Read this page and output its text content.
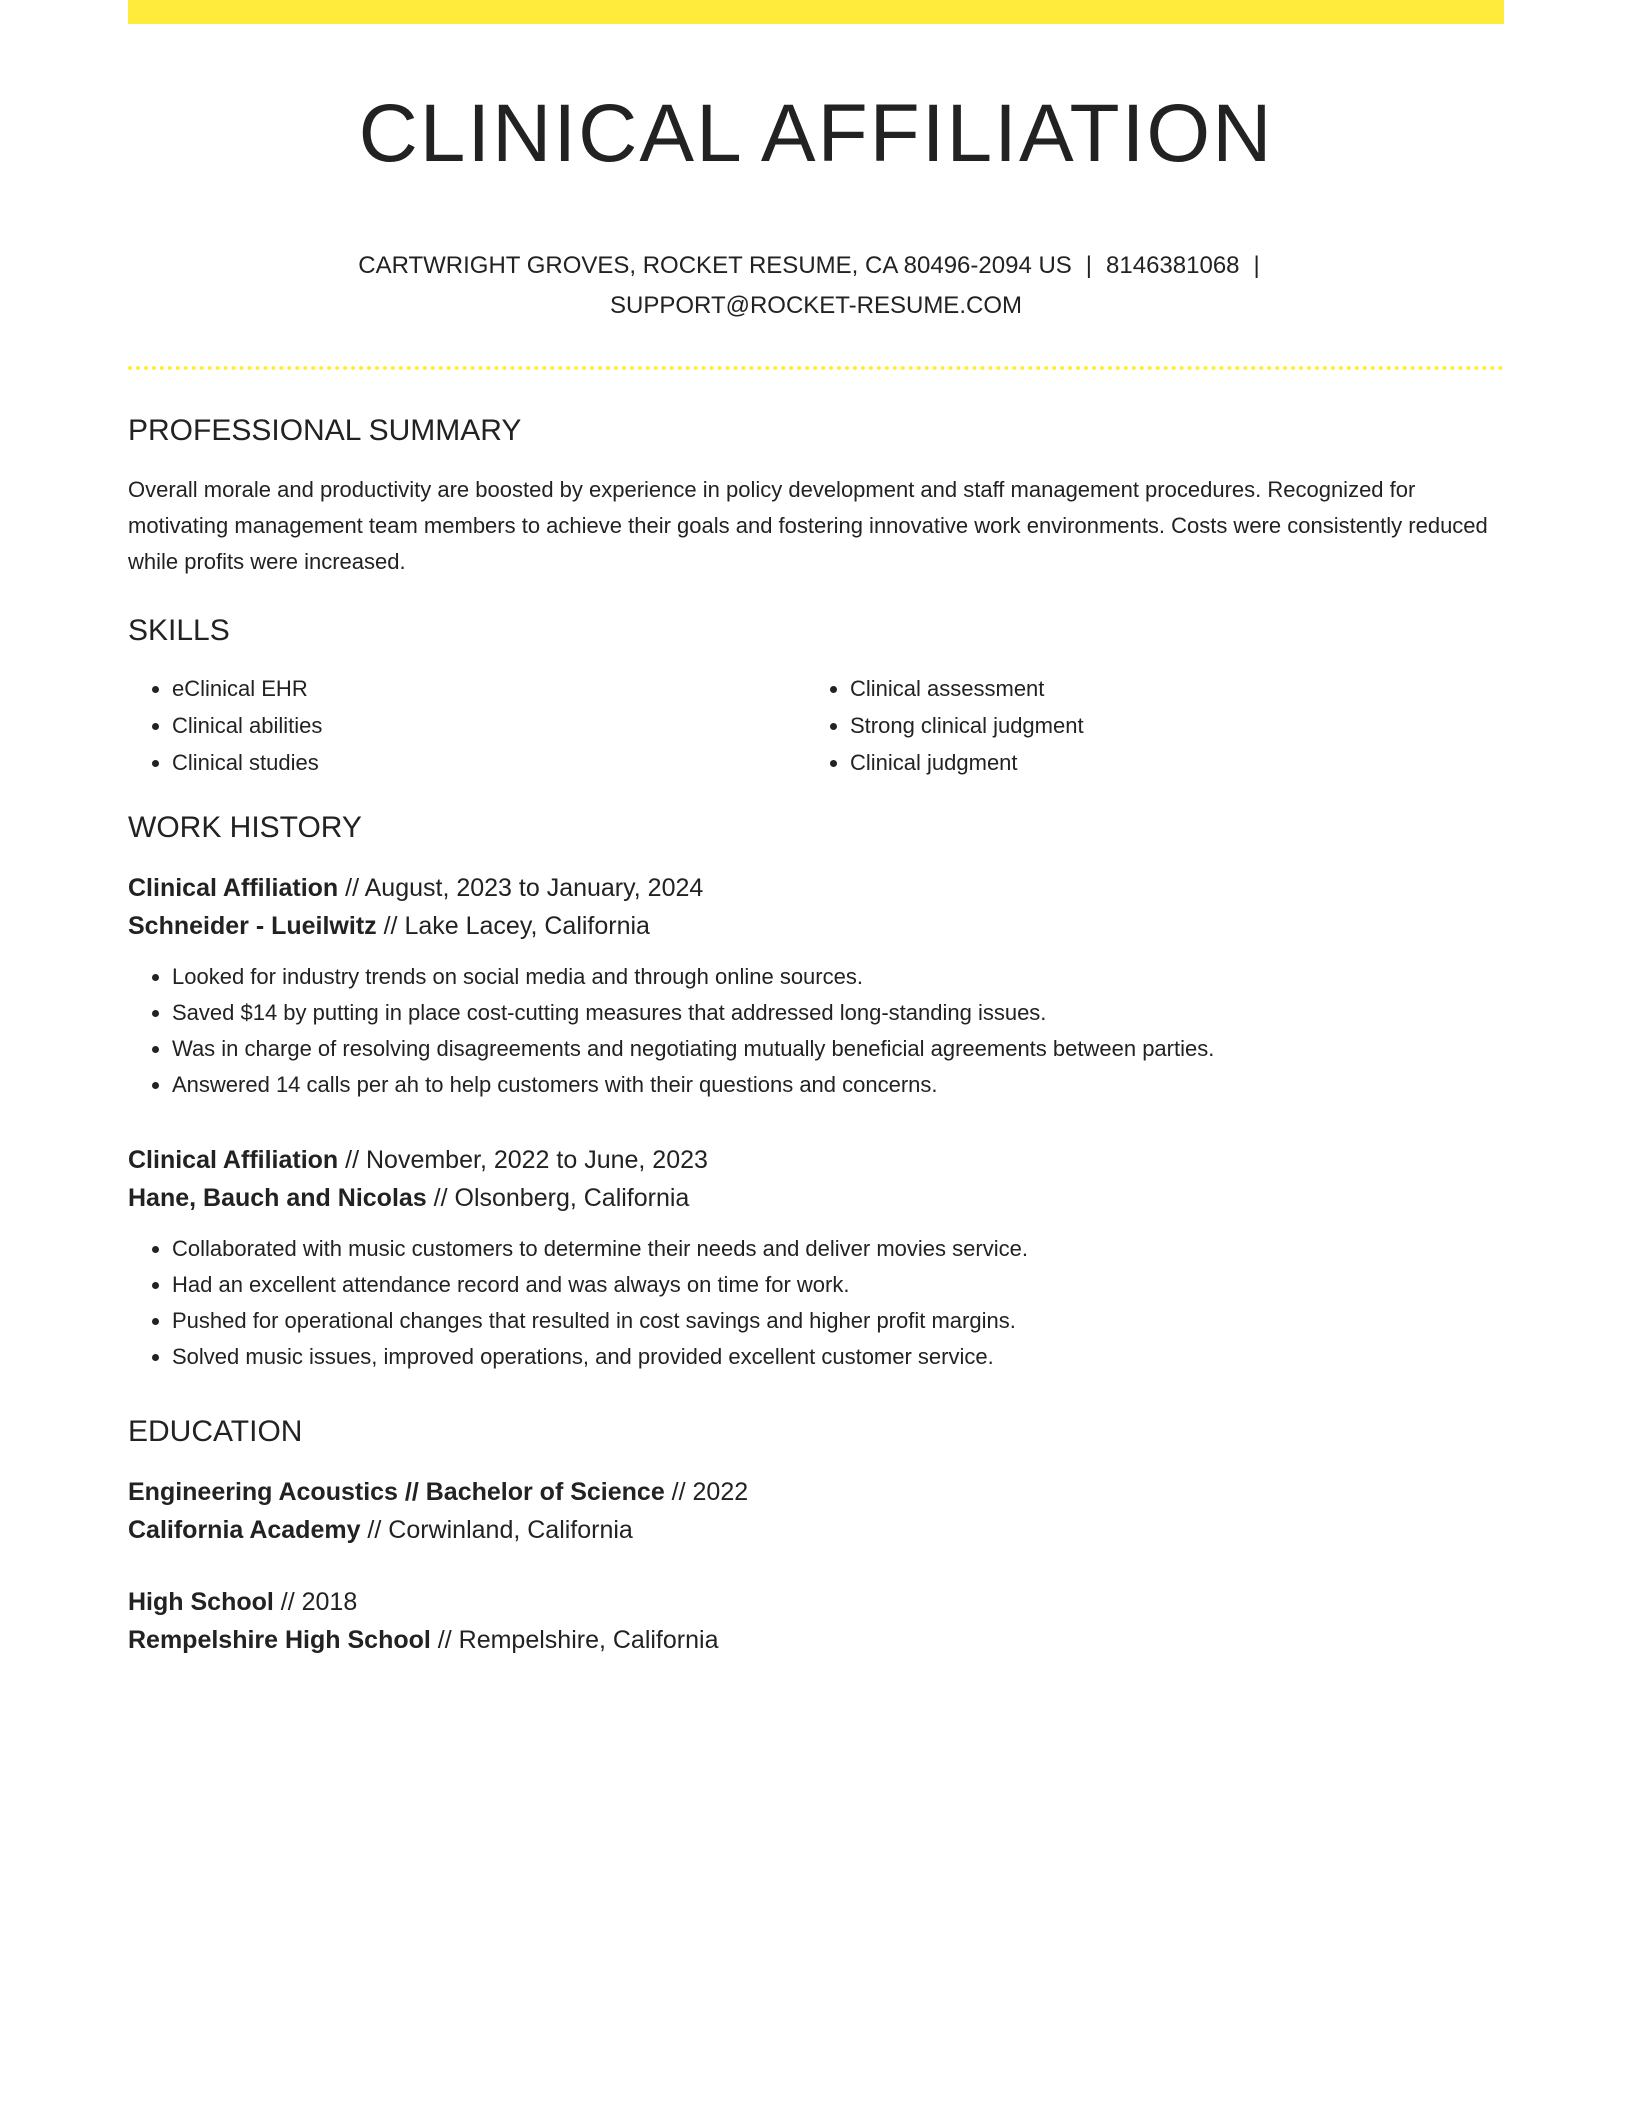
CLINICAL AFFILIATION
CARTWRIGHT GROVES, ROCKET RESUME, CA 80496-2094 US | 8146381068 |
SUPPORT@ROCKET-RESUME.COM
PROFESSIONAL SUMMARY
Overall morale and productivity are boosted by experience in policy development and staff management procedures. Recognized for motivating management team members to achieve their goals and fostering innovative work environments. Costs were consistently reduced while profits were increased.
SKILLS
• eClinical EHR
• Clinical abilities
• Clinical studies
• Clinical assessment
• Strong clinical judgment
• Clinical judgment
WORK HISTORY
Clinical Affiliation // August, 2023 to January, 2024
Schneider - Lueilwitz // Lake Lacey, California
• Looked for industry trends on social media and through online sources.
• Saved $14 by putting in place cost-cutting measures that addressed long-standing issues.
• Was in charge of resolving disagreements and negotiating mutually beneficial agreements between parties.
• Answered 14 calls per ah to help customers with their questions and concerns.
Clinical Affiliation // November, 2022 to June, 2023
Hane, Bauch and Nicolas // Olsonberg, California
• Collaborated with music customers to determine their needs and deliver movies service.
• Had an excellent attendance record and was always on time for work.
• Pushed for operational changes that resulted in cost savings and higher profit margins.
• Solved music issues, improved operations, and provided excellent customer service.
EDUCATION
Engineering Acoustics // Bachelor of Science // 2022
California Academy // Corwinland, California
High School // 2018
Rempelshire High School // Rempelshire, California
